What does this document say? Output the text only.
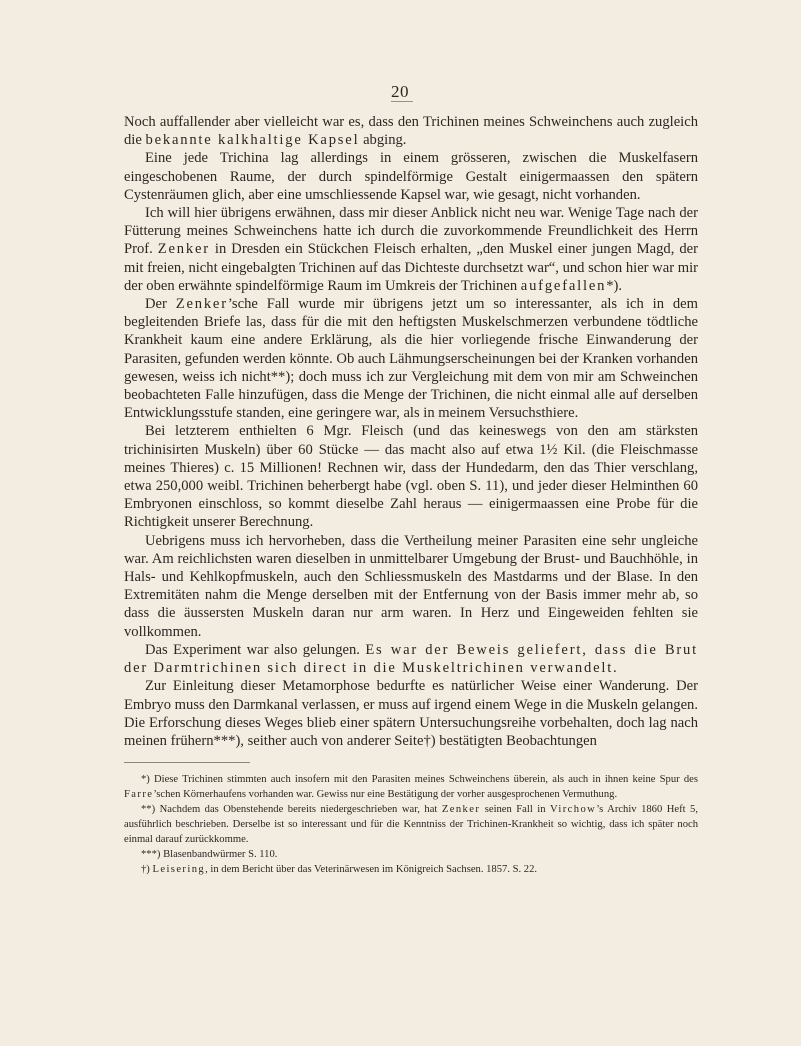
20

Noch auffallender aber vielleicht war es, dass den Trichinen meines Schweinchens auch zugleich die bekannte kalkhaltige Kapsel abging.

Eine jede Trichina lag allerdings in einem grösseren, zwischen die Muskelfasern eingeschobenen Raume, der durch spindelförmige Gestalt einigermaassen den spätern Cystenräumen glich, aber eine umschliessende Kapsel war, wie gesagt, nicht vorhanden.

Ich will hier übrigens erwähnen, dass mir dieser Anblick nicht neu war. Wenige Tage nach der Fütterung meines Schweinchens hatte ich durch die zuvorkommende Freundlichkeit des Herrn Prof. Zenker in Dresden ein Stückchen Fleisch erhalten, „den Muskel einer jungen Magd, der mit freien, nicht eingebalgten Trichinen auf das Dichteste durchsetzt war“, und schon hier war mir der oben erwähnte spindelförmige Raum im Umkreis der Trichinen aufgefallen*).

Der Zenker’sche Fall wurde mir übrigens jetzt um so interessanter, als ich in dem begleitenden Briefe las, dass für die mit den heftigsten Muskelschmerzen verbundene tödtliche Krankheit kaum eine andere Erklärung, als die hier vorliegende frische Einwanderung der Parasiten, gefunden werden könnte. Ob auch Lähmungserscheinungen bei der Kranken vorhanden gewesen, weiss ich nicht**); doch muss ich zur Vergleichung mit dem von mir am Schweinchen beobachteten Falle hinzufügen, dass die Menge der Trichinen, die nicht einmal alle auf derselben Entwicklungsstufe standen, eine geringere war, als in meinem Versuchsthiere.

Bei letzterem enthielten 6 Mgr. Fleisch (und das keineswegs von den am stärksten trichinisirten Muskeln) über 60 Stücke — das macht also auf etwa 1½ Kil. (die Fleischmasse meines Thieres) c. 15 Millionen! Rechnen wir, dass der Hundedarm, den das Thier verschlang, etwa 250,000 weibl. Trichinen beherbergt habe (vgl. oben S. 11), und jeder dieser Helminthen 60 Embryonen einschloss, so kommt dieselbe Zahl heraus — einigermaassen eine Probe für die Richtigkeit unserer Berechnung.

Uebrigens muss ich hervorheben, dass die Vertheilung meiner Parasiten eine sehr ungleiche war. Am reichlichsten waren dieselben in unmittelbarer Umgebung der Brust- und Bauchhöhle, in Hals- und Kehlkopfmuskeln, auch den Schliessmuskeln des Mastdarms und der Blase. In den Extremitäten nahm die Menge derselben mit der Entfernung von der Basis immer mehr ab, so dass die äussersten Muskeln daran nur arm waren. In Herz und Eingeweiden fehlten sie vollkommen.

Das Experiment war also gelungen. Es war der Beweis geliefert, dass die Brut der Darmtrichinen sich direct in die Muskeltrichinen verwandelt.

Zur Einleitung dieser Metamorphose bedurfte es natürlicher Weise einer Wanderung. Der Embryo muss den Darmkanal verlassen, er muss auf irgend einem Wege in die Muskeln gelangen. Die Erforschung dieses Weges blieb einer spätern Untersuchungsreihe vorbehalten, doch lag nach meinen frühern***), seither auch von anderer Seite†) bestätigten Beobachtungen

*) Diese Trichinen stimmten auch insofern mit den Parasiten meines Schweinchens überein, als auch in ihnen keine Spur des Farre’schen Körnerhaufens vorhanden war. Gewiss nur eine Bestätigung der vorher ausgesprochenen Vermuthung.

**) Nachdem das Obenstehende bereits niedergeschrieben war, hat Zenker seinen Fall in Virchow’s Archiv 1860 Heft 5, ausführlich beschrieben. Derselbe ist so interessant und für die Kenntniss der Trichinen-Krankheit so wichtig, dass ich später noch einmal darauf zurückkomme.

***) Blasenbandwürmer S. 110.

†) Leisering, in dem Bericht über das Veterinärwesen im Königreich Sachsen. 1857. S. 22.
